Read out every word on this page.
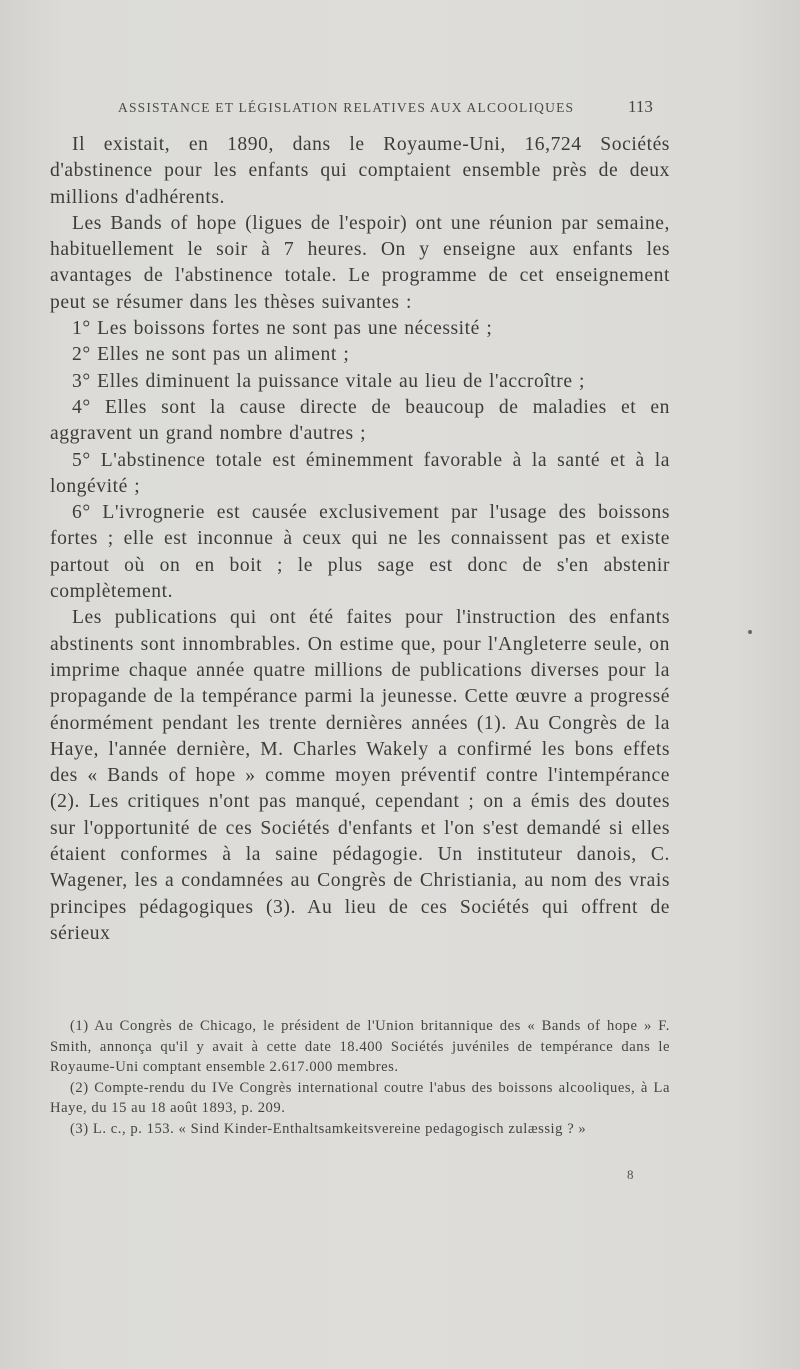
ASSISTANCE ET LÉGISLATION RELATIVES AUX ALCOOLIQUES	113

Il existait, en 1890, dans le Royaume-Uni, 16,724 Sociétés d'abstinence pour les enfants qui comptaient ensemble près de deux millions d'adhérents.

Les Bands of hope (ligues de l'espoir) ont une réunion par semaine, habituellement le soir à 7 heures. On y enseigne aux enfants les avantages de l'abstinence totale. Le programme de cet enseignement peut se résumer dans les thèses suivantes :

1° Les boissons fortes ne sont pas une nécessité ;

2° Elles ne sont pas un aliment ;

3° Elles diminuent la puissance vitale au lieu de l'accroître ;

4° Elles sont la cause directe de beaucoup de maladies et en aggravent un grand nombre d'autres ;

5° L'abstinence totale est éminemment favorable à la santé et à la longévité ;

6° L'ivrognerie est causée exclusivement par l'usage des boissons fortes ; elle est inconnue à ceux qui ne les connaissent pas et existe partout où on en boit ; le plus sage est donc de s'en abstenir complètement.

Les publications qui ont été faites pour l'instruction des enfants abstinents sont innombrables. On estime que, pour l'Angleterre seule, on imprime chaque année quatre millions de publications diverses pour la propagande de la tempérance parmi la jeunesse. Cette œuvre a progressé énormément pendant les trente dernières années (1). Au Congrès de la Haye, l'année dernière, M. Charles Wakely a confirmé les bons effets des « Bands of hope » comme moyen préventif contre l'intempérance (2). Les critiques n'ont pas manqué, cependant ; on a émis des doutes sur l'opportunité de ces Sociétés d'enfants et l'on s'est demandé si elles étaient conformes à la saine pédagogie. Un instituteur danois, C. Wagener, les a condamnées au Congrès de Christiania, au nom des vrais principes pédagogiques (3). Au lieu de ces Sociétés qui offrent de sérieux

(1) Au Congrès de Chicago, le président de l'Union britannique des « Bands of hope » F. Smith, annonça qu'il y avait à cette date 18.400 Sociétés juvéniles de tempérance dans le Royaume-Uni comptant ensemble 2.617.000 membres.

(2) Compte-rendu du IVe Congrès international coutre l'abus des boissons alcooliques, à La Haye, du 15 au 18 août 1893, p. 209.

(3) L. c., p. 153. « Sind Kinder-Enthaltsamkeitsvereine pedagogisch zulæssig ? »

8
